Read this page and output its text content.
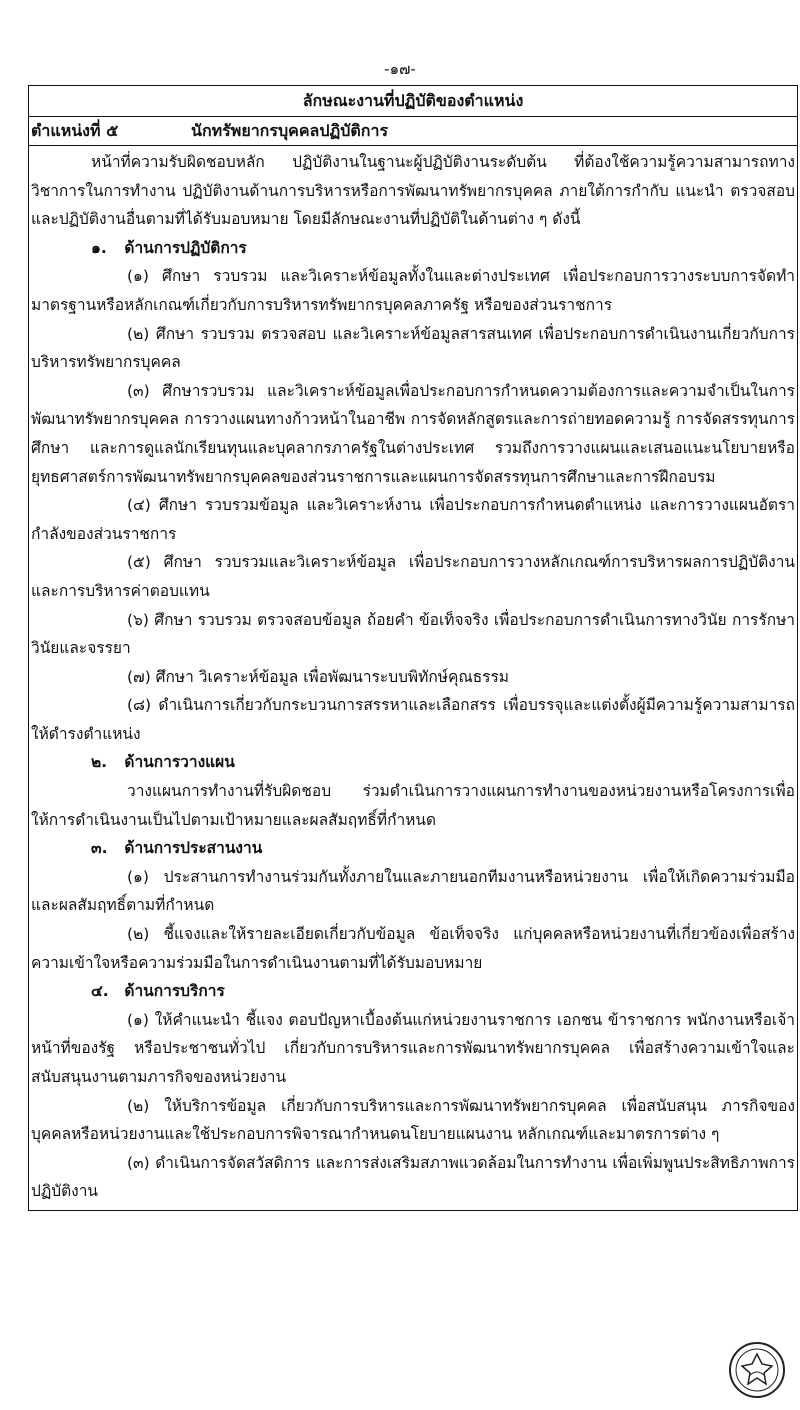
-๑๗-
ลักษณะงานที่ปฏิบัติของตำแหน่ง
ตำแหน่งที่ ๕	นักทรัพยากรบุคคลปฏิบัติการ

หน้าที่ความรับผิดชอบหลัก ปฏิบัติงานในฐานะผู้ปฏิบัติงานระดับต้น ที่ต้องใช้ความรู้ความสามารถทางวิชาการในการทำงาน ปฏิบัติงานด้านการบริหารหรือการพัฒนาทรัพยากรบุคคล ภายใต้การกำกับ แนะนำ ตรวจสอบและปฏิบัติงานอื่นตามที่ได้รับมอบหมาย โดยมีลักษณะงานที่ปฏิบัติในด้านต่าง ๆ ดังนี้

๑. ด้านการปฏิบัติการ

(๑) ศึกษา รวบรวม และวิเคราะห์ข้อมูลทั้งในและต่างประเทศ เพื่อประกอบการวางระบบการจัดทำมาตรฐานหรือหลักเกณฑ์เกี่ยวกับการบริหารทรัพยากรบุคคลภาครัฐ หรือของส่วนราชการ

(๒) ศึกษา รวบรวม ตรวจสอบ และวิเคราะห์ข้อมูลสารสนเทศ เพื่อประกอบการดำเนินงานเกี่ยวกับการบริหารทรัพยากรบุคคล

(๓) ศึกษารวบรวม และวิเคราะห์ข้อมูลเพื่อประกอบการกำหนดความต้องการและความจำเป็นในการพัฒนาทรัพยากรบุคคล การวางแผนทางก้าวหน้าในอาชีพ การจัดหลักสูตรและการถ่ายทอดความรู้ การจัดสรรทุนการศึกษา และการดูแลนักเรียนทุนและบุคลากรภาครัฐในต่างประเทศ รวมถึงการวางแผนและเสนอแนะนโยบายหรือยุทธศาสตร์การพัฒนาทรัพยากรบุคคลของส่วนราชการและแผนการจัดสรรทุนการศึกษาและการฝึกอบรม

(๔) ศึกษา รวบรวมข้อมูล และวิเคราะห์งาน เพื่อประกอบการกำหนดตำแหน่ง และการวางแผนอัตรากำลังของส่วนราชการ

(๕) ศึกษา รวบรวมและวิเคราะห์ข้อมูล เพื่อประกอบการวางหลักเกณฑ์การบริหารผลการปฏิบัติงานและการบริหารค่าตอบแทน

(๖) ศึกษา รวบรวม ตรวจสอบข้อมูล ถ้อยคำ ข้อเท็จจริง เพื่อประกอบการดำเนินการทางวินัย การรักษาวินัยและจรรยา

(๗) ศึกษา วิเคราะห์ข้อมูล เพื่อพัฒนาระบบพิทักษ์คุณธรรม

(๘) ดำเนินการเกี่ยวกับกระบวนการสรรหาและเลือกสรร เพื่อบรรจุและแต่งตั้งผู้มีความรู้ความสามารถให้ดำรงตำแหน่ง

๒. ด้านการวางแผน

วางแผนการทำงานที่รับผิดชอบ ร่วมดำเนินการวางแผนการทำงานของหน่วยงานหรือโครงการเพื่อให้การดำเนินงานเป็นไปตามเป้าหมายและผลสัมฤทธิ์ที่กำหนด

๓. ด้านการประสานงาน

(๑) ประสานการทำงานร่วมกันทั้งภายในและภายนอกทีมงานหรือหน่วยงาน เพื่อให้เกิดความร่วมมือและผลสัมฤทธิ์ตามที่กำหนด

(๒) ชี้แจงและให้รายละเอียดเกี่ยวกับข้อมูล ข้อเท็จจริง แก่บุคคลหรือหน่วยงานที่เกี่ยวข้องเพื่อสร้างความเข้าใจหรือความร่วมมือในการดำเนินงานตามที่ได้รับมอบหมาย

๔. ด้านการบริการ

(๑) ให้คำแนะนำ ชี้แจง ตอบปัญหาเบื้องต้นแก่หน่วยงานราชการ เอกชน ข้าราชการ พนักงานหรือเจ้าหน้าที่ของรัฐ หรือประชาชนทั่วไป เกี่ยวกับการบริหารและการพัฒนาทรัพยากรบุคคล เพื่อสร้างความเข้าใจและสนับสนุนงานตามภารกิจของหน่วยงาน

(๒) ให้บริการข้อมูล เกี่ยวกับการบริหารและการพัฒนาทรัพยากรบุคคล เพื่อสนับสนุน ภารกิจของบุคคลหรือหน่วยงานและใช้ประกอบการพิจารณากำหนดนโยบายแผนงาน หลักเกณฑ์และมาตรการต่าง ๆ

(๓) ดำเนินการจัดสวัสดิการ และการส่งเสริมสภาพแวดล้อมในการทำงาน เพื่อเพิ่มพูนประสิทธิภาพการปฏิบัติงาน
